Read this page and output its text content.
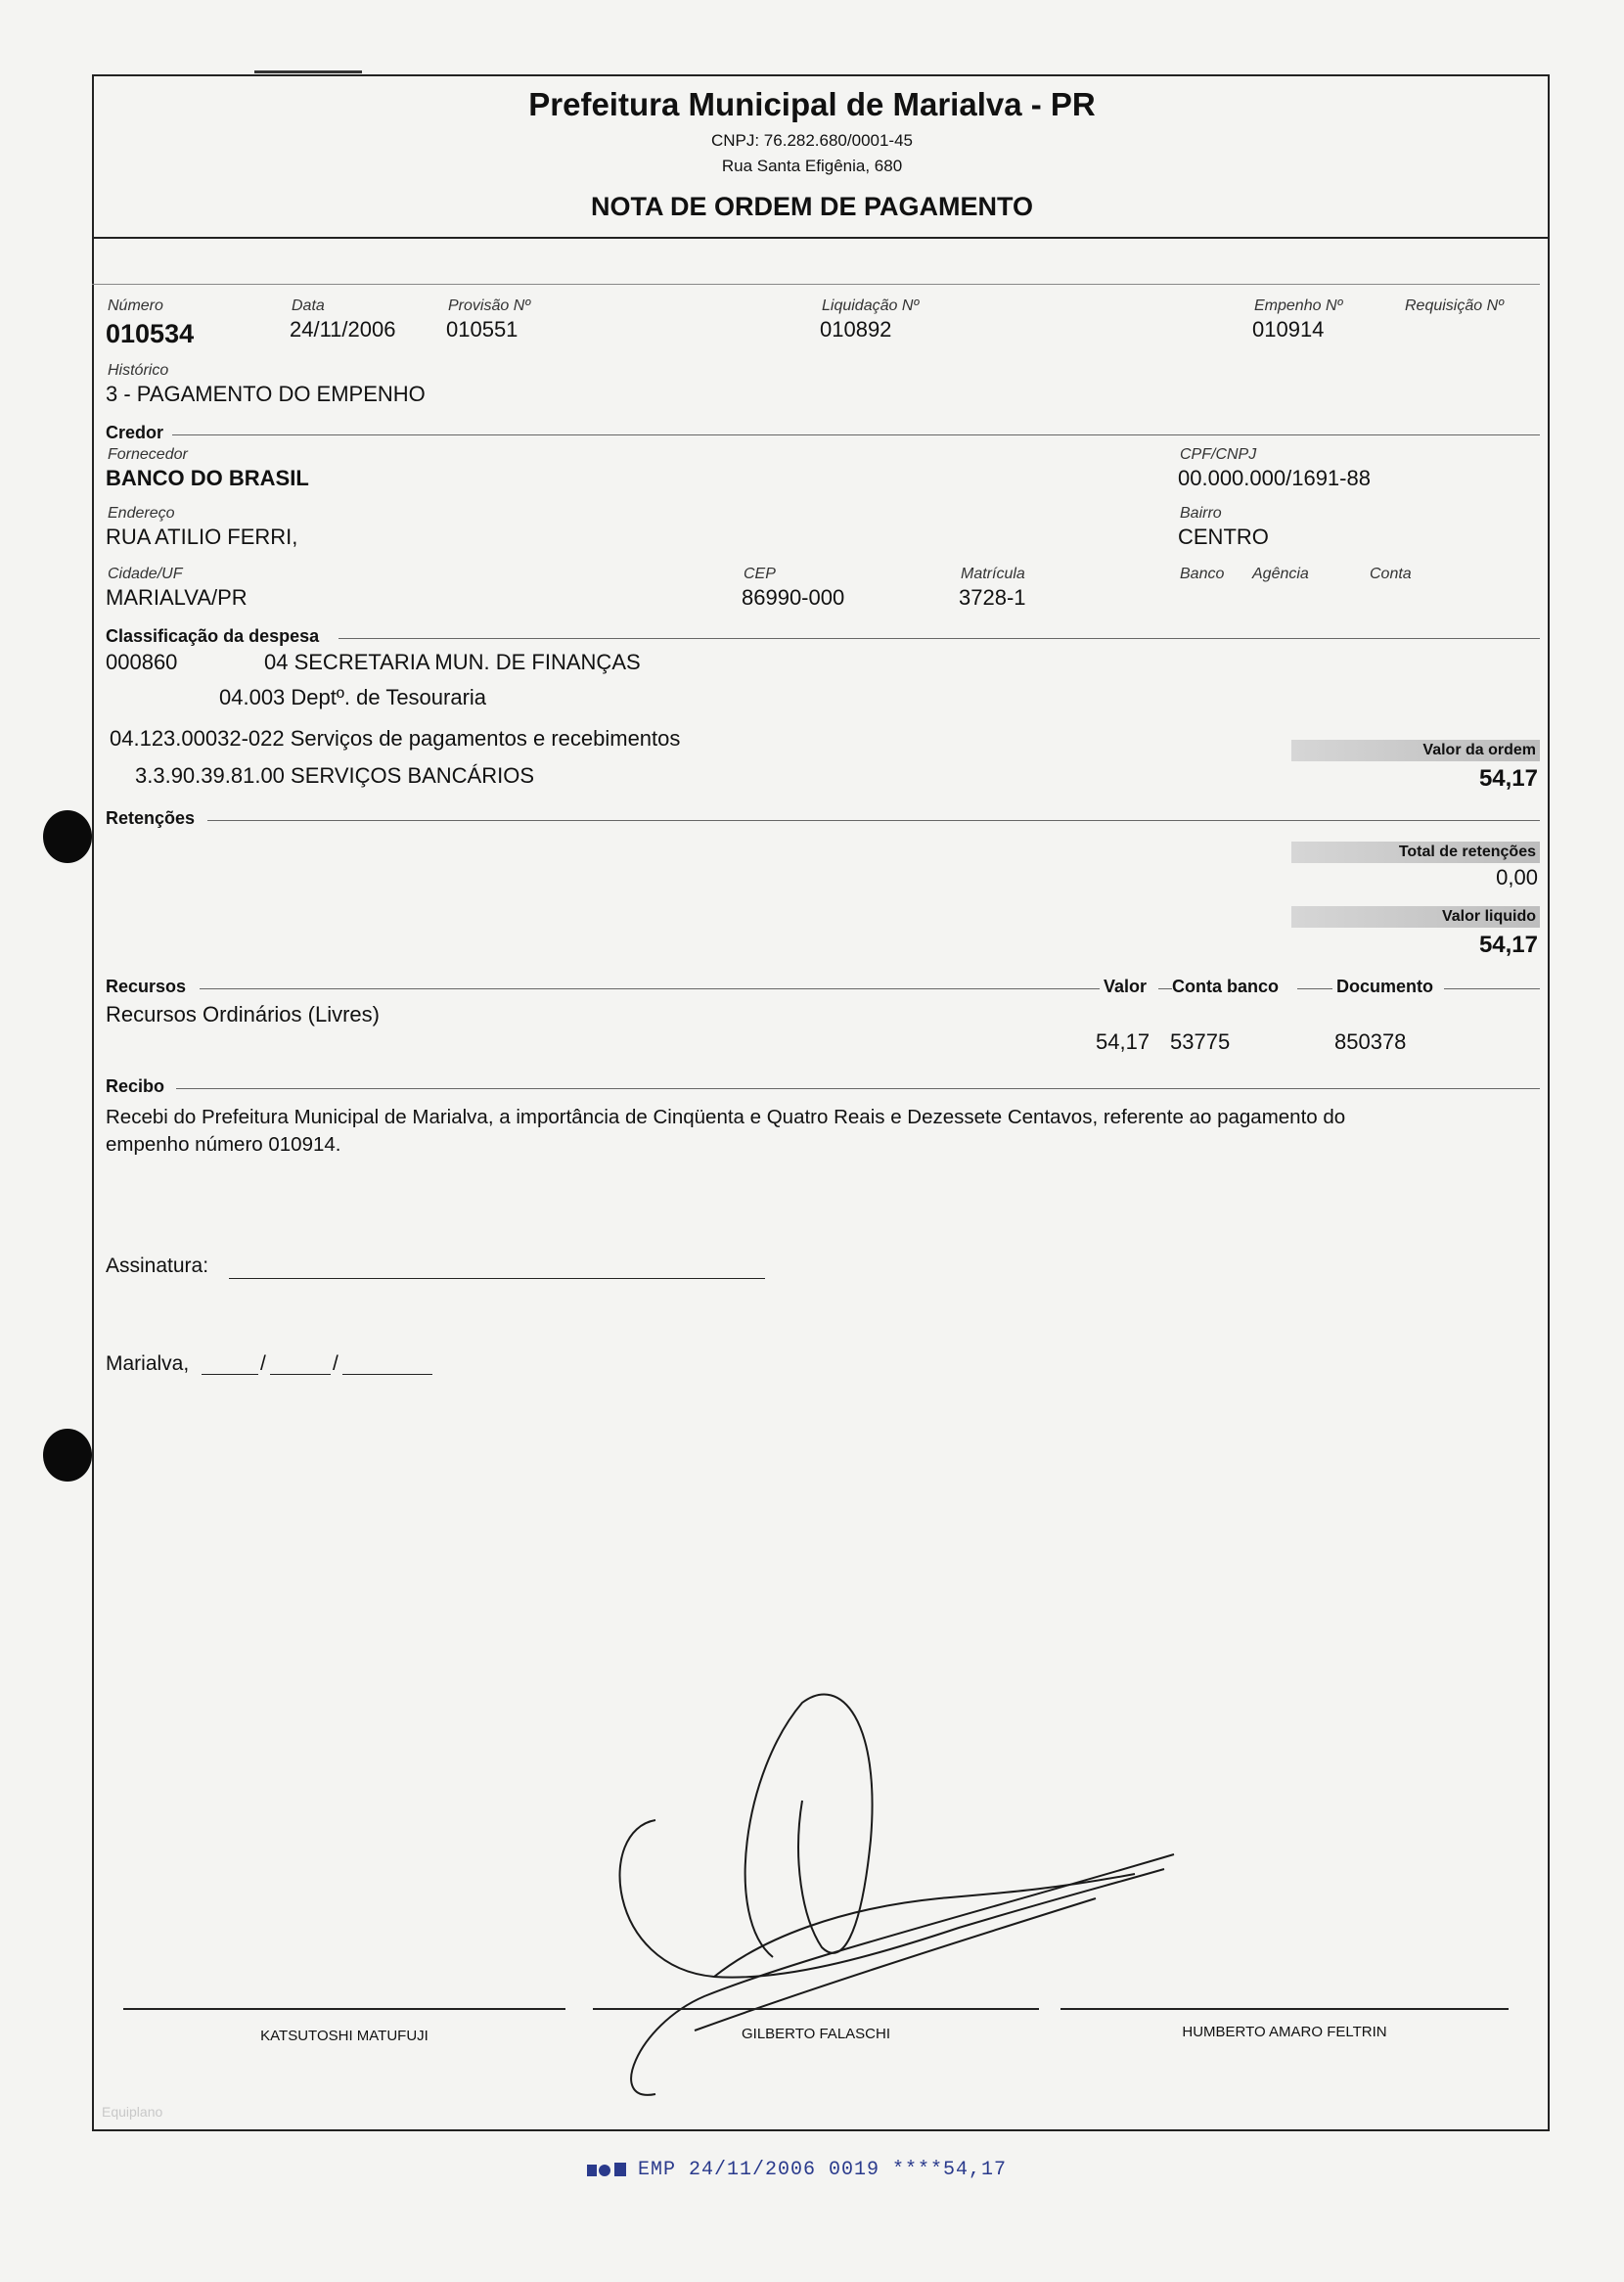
Prefeitura Municipal de Marialva - PR
CNPJ: 76.282.680/0001-45
Rua Santa Efigênia, 680
NOTA DE ORDEM DE PAGAMENTO
Número
010534
Data
24/11/2006
Provisão Nº
010551
Liquidação Nº
010892
Empenho Nº
010914
Requisição Nº
Histórico
3 - PAGAMENTO DO EMPENHO
Credor
Fornecedor
BANCO DO BRASIL
CPF/CNPJ
00.000.000/1691-88
Endereço
RUA ATILIO FERRI,
Bairro
CENTRO
Cidade/UF
MARIALVA/PR
CEP
86990-000
Matrícula
3728-1
Banco Agência	Conta
Classificação da despesa
000860	04 SECRETARIA MUN. DE FINANÇAS
04.003 Deptº. de Tesouraria
04.123.00032-022 Serviços de pagamentos e recebimentos
3.3.90.39.81.00 SERVIÇOS BANCÁRIOS
Valor da ordem
54,17
Retenções
Total de retenções
0,00
Valor liquido
54,17
Recursos	Valor Conta banco	Documento
Recursos Ordinários (Livres)
54,17 53775	850378
Recibo
Recebi do Prefeitura Municipal de Marialva, a importância de Cinqüenta e Quatro Reais e Dezessete Centavos, referente ao pagamento do
empenho número 010914.
Assinatura:
Marialva,	/	/
KATSUTOSHI MATUFUJI	GILBERTO FALASCHI	HUMBERTO AMARO FELTRIN
Equiplano
EMP 24/11/2006 0019 ****54,17
